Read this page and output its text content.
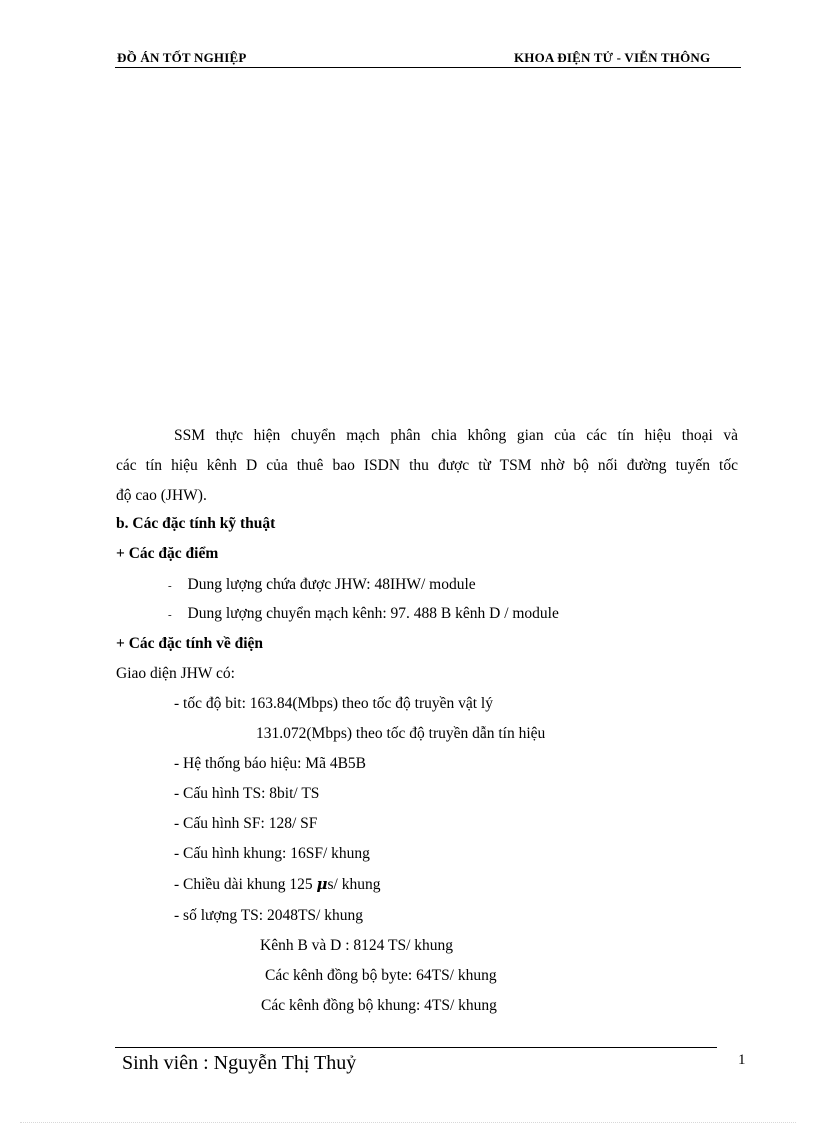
ĐỒ ÁN TỐT NGHIỆP	KHOA ĐIỆN TỬ - VIỄN THÔNG
SSM thực hiện chuyển mạch phân chia không gian của các tín hiệu thoại và
các tín hiệu kênh D của thuê bao ISDN thu được từ TSM nhờ bộ nối đường tuyến tốc
độ cao (JHW).
b. Các đặc tính kỹ thuật
+ Các đặc điểm
- Dung lượng chứa được JHW: 48IHW/ module
- Dung lượng chuyển mạch kênh: 97. 488 B kênh D / module
+ Các đặc tính về điện
Giao diện JHW có:
- tốc độ bit: 163.84(Mbps) theo tốc độ truyền vật lý
131.072(Mbps) theo tốc độ truyền dẫn tín hiệu
- Hệ thống báo hiệu: Mã 4B5B
- Cấu hình TS: 8bit/ TS
- Cấu hình SF: 128/ SF
- Cấu hình khung: 16SF/ khung
- Chiều dài khung 125 μs/ khung
- số lượng TS: 2048TS/ khung
Kênh B và D : 8124 TS/ khung
Các kênh đồng bộ byte: 64TS/ khung
Các kênh đồng bộ khung: 4TS/ khung
Sinh viên : Nguyễn Thị Thuỷ	1
